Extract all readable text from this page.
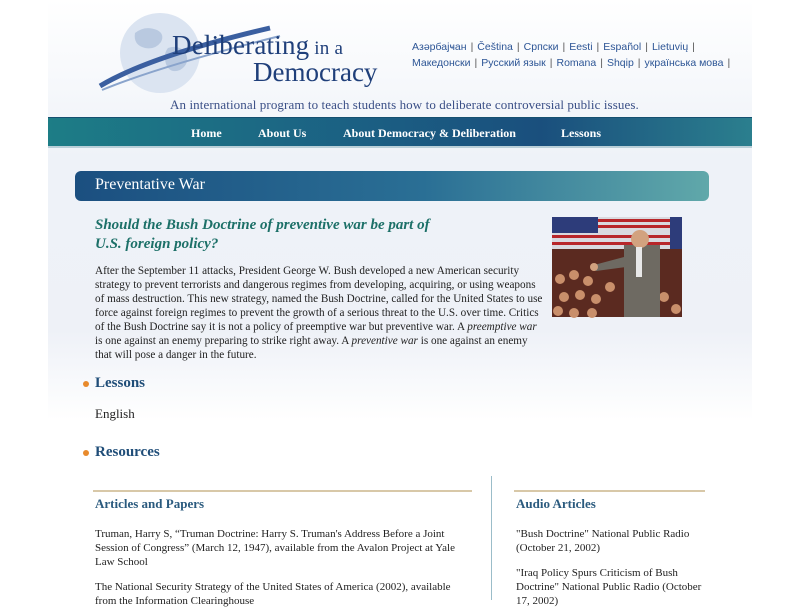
Deliberating in a
Democracy
Азәрбајҹан | Čeština | Српски | Eesti | Español | Lietuvių |
Македонски | Русский язык | Romana | Shqip | українська мова |
An international program to teach students how to deliberate controversial public issues.
Home	About Us	About Democracy & Deliberation	Lessons
Preventative War
Should the Bush Doctrine of preventive war be part of
U.S. foreign policy?
After the September 11 attacks, President George W. Bush developed a new American security strategy to prevent terrorists and dangerous regimes from developing, acquiring, or using weapons of mass destruction. This new strategy, named the Bush Doctrine, called for the United States to use force against foreign regimes to prevent the growth of a serious threat to the U.S. over time. Critics of the Bush Doctrine say it is not a policy of preemptive war but preventive war. A preemptive war is one against an enemy preparing to strike right away. A preventive war is one against an enemy that will pose a danger in the future.
Lessons
English
Resources
Articles and Papers	Audio Articles
Truman, Harry S, “Truman Doctrine: Harry S. Truman's Address Before a Joint Session of Congress” (March 12, 1947), available from the Avalon Project at Yale Law School
The National Security Strategy of the United States of America (2002), available from the Information Clearinghouse
"Bush Doctrine" National Public Radio (October 21, 2002)
"Iraq Policy Spurs Criticism of Bush Doctrine" National Public Radio (October 17, 2002)
